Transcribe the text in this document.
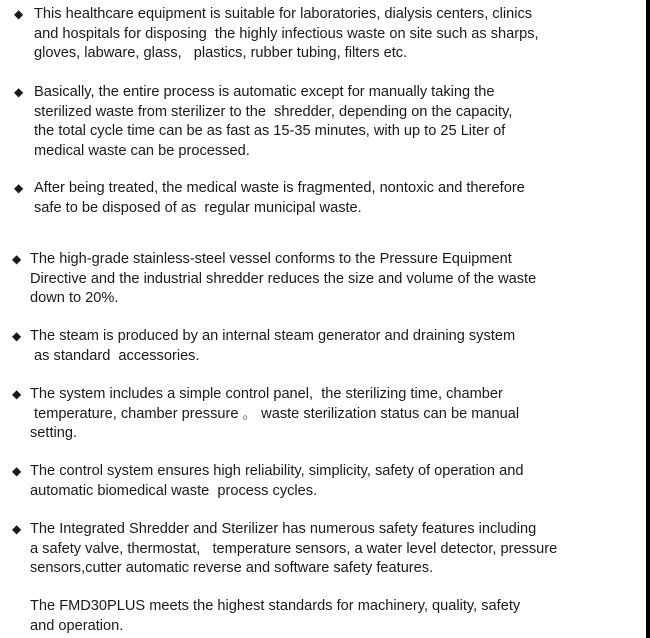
◆ This healthcare equipment is suitable for laboratories, dialysis centers, clinics
and hospitals for disposing  the highly infectious waste on site such as sharps,
gloves, labware, glass,   plastics, rubber tubing, filters etc.
◆ Basically, the entire process is automatic except for manually taking the
sterilized waste from sterilizer to the  shredder, depending on the capacity,
the total cycle time can be as fast as 15-35 minutes, with up to 25 Liter of
medical waste can be processed.
◆ After being treated, the medical waste is fragmented, nontoxic and therefore
safe to be disposed of as  regular municipal waste.
◆ The high-grade stainless-steel vessel conforms to the Pressure Equipment
Directive and the industrial shredder reduces the size and volume of the waste
down to 20%.
◆ The steam is produced by an internal steam generator and draining system
as standard  accessories.
◆ The system includes a simple control panel,  the sterilizing time, chamber
temperature, chamber pressure 。 waste sterilization status can be manual
setting.
◆ The control system ensures high reliability, simplicity, safety of operation and
automatic biomedical waste  process cycles.
◆ The Integrated Shredder and Sterilizer has numerous safety features including
a safety valve, thermostat,   temperature sensors, a water level detector, pressure
sensors,cutter automatic reverse and software safety features.
The FMD30PLUS meets the highest standards for machinery, quality, safety
and operation.
